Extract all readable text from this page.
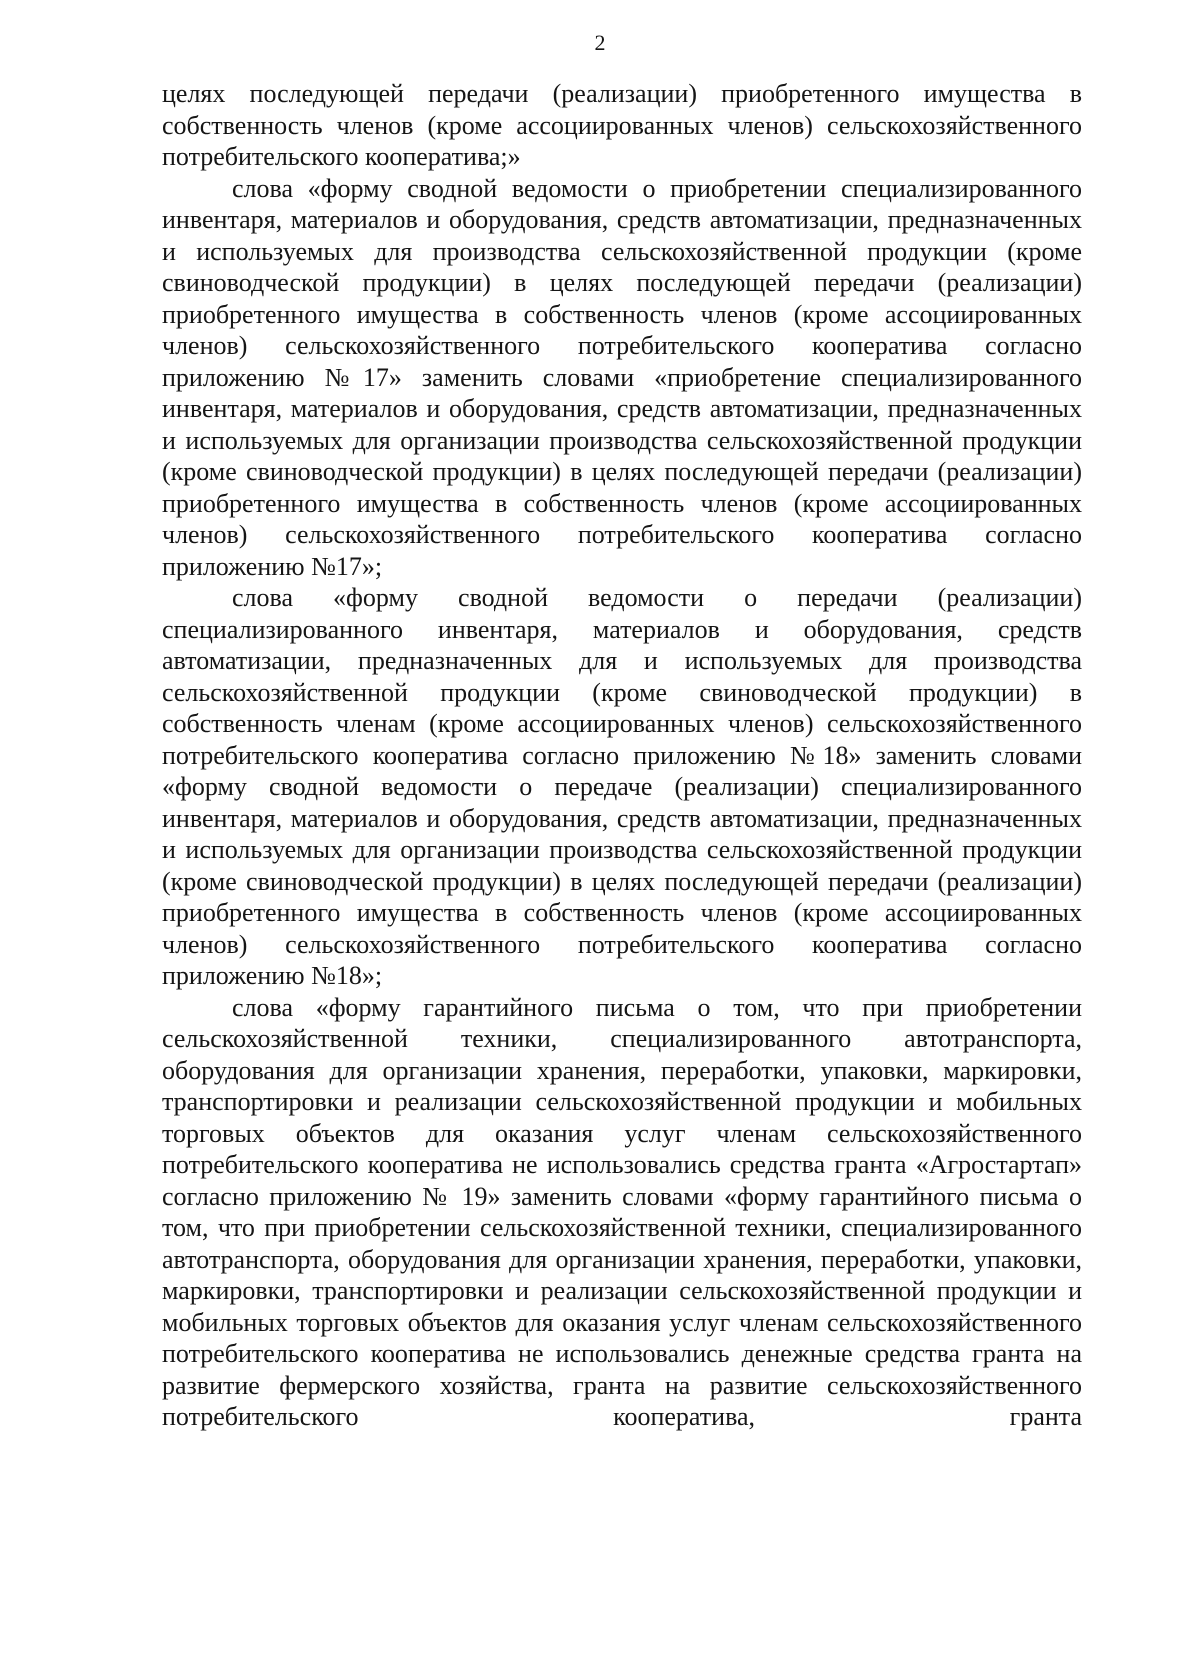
2

целях последующей передачи (реализации) приобретенного имущества в собственность членов (кроме ассоциированных членов) сельскохозяйственного потребительского кооператива;»

слова «форму сводной ведомости о приобретении специализированного инвентаря, материалов и оборудования, средств автоматизации, предназначенных и используемых для производства сельскохозяйственной продукции (кроме свиноводческой продукции) в целях последующей передачи (реализации) приобретенного имущества в собственность членов (кроме ассоциированных членов) сельскохозяйственного потребительского кооператива согласно приложению №17» заменить словами «приобретение специализированного инвентаря, материалов и оборудования, средств автоматизации, предназначенных и используемых для организации производства сельскохозяйственной продукции (кроме свиноводческой продукции) в целях последующей передачи (реализации) приобретенного имущества в собственность членов (кроме ассоциированных членов) сельскохозяйственного потребительского кооператива согласно приложению №17»;

слова «форму сводной ведомости о передачи (реализации) специализированного инвентаря, материалов и оборудования, средств автоматизации, предназначенных для и используемых для производства сельскохозяйственной продукции (кроме свиноводческой продукции) в собственность членам (кроме ассоциированных членов) сельскохозяйственного потребительского кооператива согласно приложению №18» заменить словами «форму сводной ведомости о передаче (реализации) специализированного инвентаря, материалов и оборудования, средств автоматизации, предназначенных и используемых для организации производства сельскохозяйственной продукции (кроме свиноводческой продукции) в целях последующей передачи (реализации) приобретенного имущества в собственность членов (кроме ассоциированных членов) сельскохозяйственного потребительского кооператива согласно приложению №18»;

слова «форму гарантийного письма о том, что при приобретении сельскохозяйственной техники, специализированного автотранспорта, оборудования для организации хранения, переработки, упаковки, маркировки, транспортировки и реализации сельскохозяйственной продукции и мобильных торговых объектов для оказания услуг членам сельскохозяйственного потребительского кооператива не использовались средства гранта «Агростартап» согласно приложению № 19» заменить словами «форму гарантийного письма о том, что при приобретении сельскохозяйственной техники, специализированного автотранспорта, оборудования для организации хранения, переработки, упаковки, маркировки, транспортировки и реализации сельскохозяйственной продукции и мобильных торговых объектов для оказания услуг членам сельскохозяйственного потребительского кооператива не использовались денежные средства гранта на развитие фермерского хозяйства, гранта на развитие сельскохозяйственного потребительского кооператива, гранта
